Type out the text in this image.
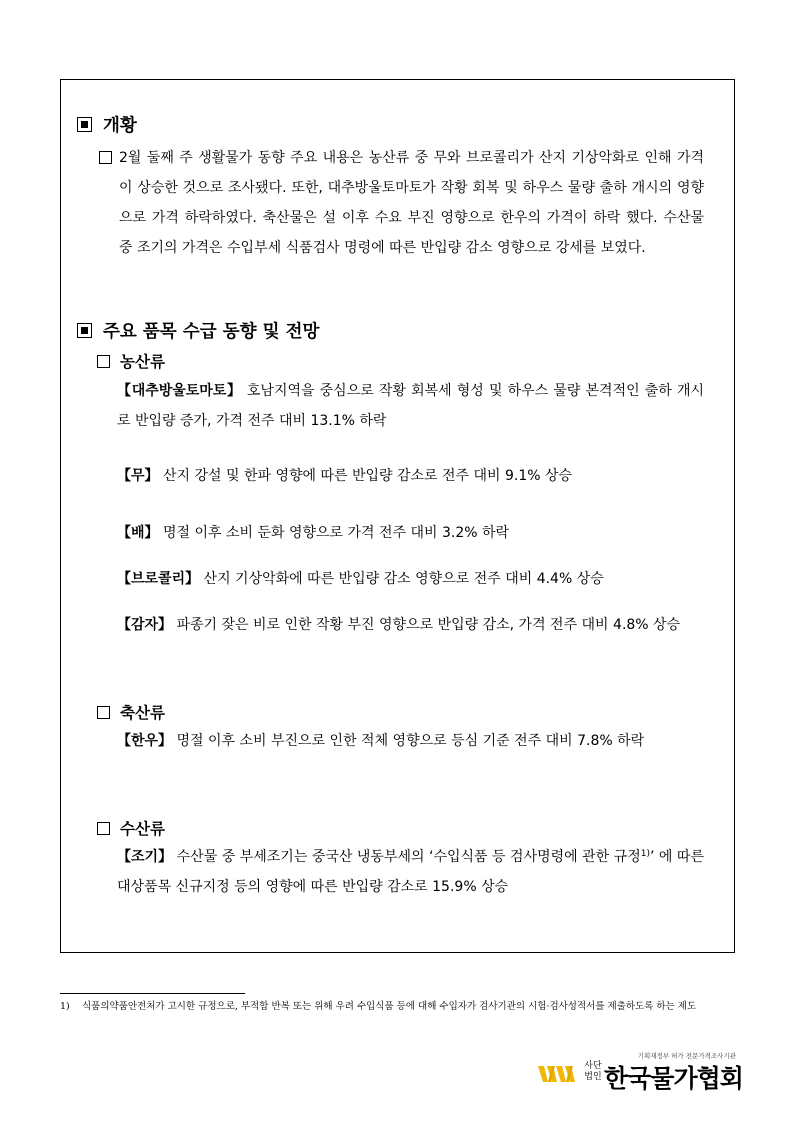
개황
2월 둘째 주 생활물가 동향 주요 내용은 농산류 중 무와 브로콜리가 산지 기상악화로 인해 가격이 상승한 것으로 조사됐다. 또한, 대추방울토마토가 작황 회복 및 하우스 물량 출하 개시의 영향으로 가격 하락하였다. 축산물은 설 이후 수요 부진 영향으로 한우의 가격이 하락 했다. 수산물 중 조기의 가격은 수입부세 식품검사 명령에 따른 반입량 감소 영향으로 강세를 보였다.
주요 품목 수급 동향 및 전망
농산류
【대추방울토마토】 호남지역을 중심으로 작황 회복세 형성 및 하우스 물량 본격적인 출하 개시로 반입량 증가, 가격 전주 대비 13.1% 하락
【무】 산지 강설 및 한파 영향에 따른 반입량 감소로 전주 대비 9.1% 상승
【배】 명절 이후 소비 둔화 영향으로 가격 전주 대비 3.2% 하락
【브로콜리】 산지 기상악화에 따른 반입량 감소 영향으로 전주 대비 4.4% 상승
【감자】 파종기 잦은 비로 인한 작황 부진 영향으로 반입량 감소, 가격 전주 대비 4.8% 상승
축산류
【한우】 명절 이후 소비 부진으로 인한 적체 영향으로 등심 기준 전주 대비 7.8% 하락
수산류
【조기】 수산물 중 부세조기는 중국산 냉동부세의 ‘수입식품 등 검사명령에 관한 규정$^{1)}$’ 에 따른 대상품목 신규지정 등의 영향에 따른 반입량 감소로 15.9% 상승
1)	식품의약품안전처가 고시한 규정으로, 부적합 반복 또는 위해 우려 수입식품 등에 대해 수입자가 검사기관의 시험·검사성적서를 제출하도록 하는 제도
기획재정부 허가 전문가격조사기관
사단
법인 한국물가협회
